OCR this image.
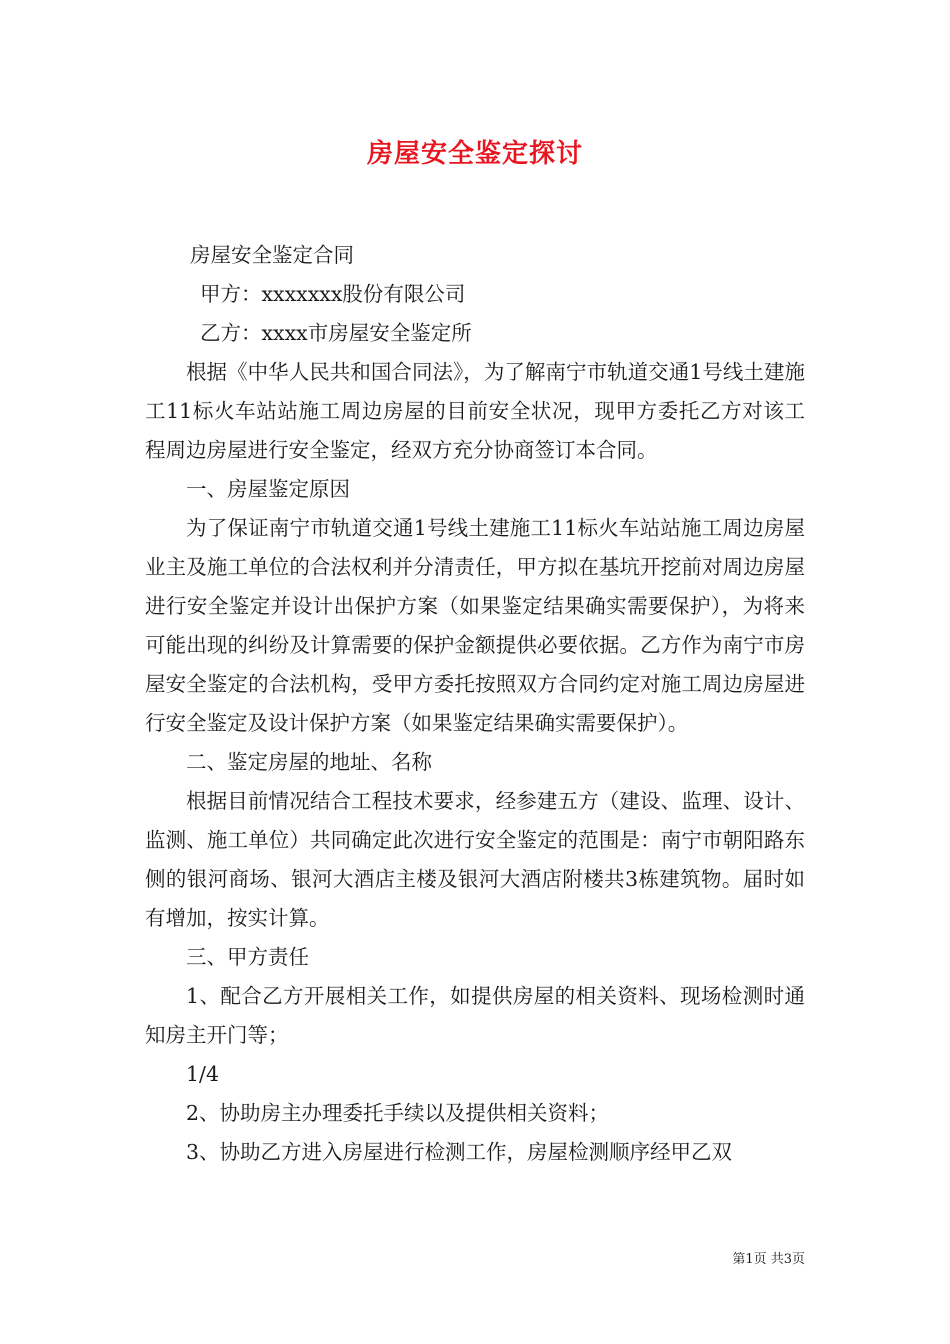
房屋安全鉴定探讨

房屋安全鉴定合同

甲方：xxxxxxx股份有限公司

乙方：xxxx市房屋安全鉴定所

根据《中华人民共和国合同法》，为了解南宁市轨道交通1号线土建施工11标火车站站施工周边房屋的目前安全状况，现甲方委托乙方对该工程周边房屋进行安全鉴定，经双方充分协商签订本合同。

一、房屋鉴定原因

为了保证南宁市轨道交通1号线土建施工11标火车站站施工周边房屋业主及施工单位的合法权利并分清责任，甲方拟在基坑开挖前对周边房屋进行安全鉴定并设计出保护方案（如果鉴定结果确实需要保护），为将来可能出现的纠纷及计算需要的保护金额提供必要依据。乙方作为南宁市房屋安全鉴定的合法机构，受甲方委托按照双方合同约定对施工周边房屋进行安全鉴定及设计保护方案（如果鉴定结果确实需要保护）。

二、鉴定房屋的地址、名称

根据目前情况结合工程技术要求，经参建五方（建设、监理、设计、监测、施工单位）共同确定此次进行安全鉴定的范围是：南宁市朝阳路东侧的银河商场、银河大酒店主楼及银河大酒店附楼共3栋建筑物。届时如有增加，按实计算。

三、甲方责任

1、配合乙方开展相关工作，如提供房屋的相关资料、现场检测时通知房主开门等；

1/4

2、协助房主办理委托手续以及提供相关资料；

3、协助乙方进入房屋进行检测工作，房屋检测顺序经甲乙双

第1页 共3页
